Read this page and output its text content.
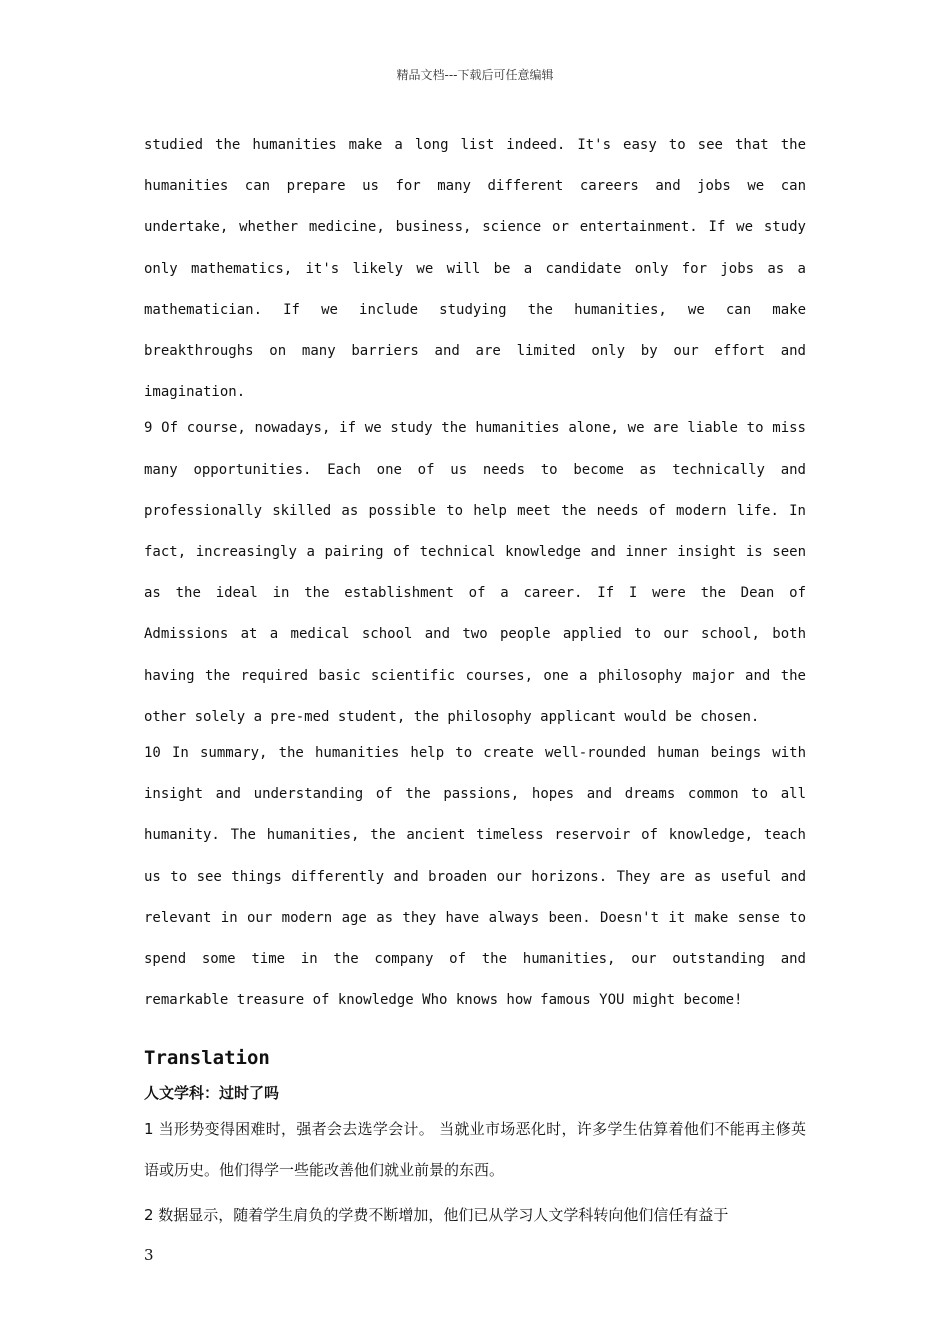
精品文档---下载后可任意编辑

studied the humanities make a long list indeed. It's easy to see that the humanities can prepare us for many different careers and jobs we can undertake, whether medicine, business, science or entertainment. If we study only mathematics, it's likely we will be a candidate only for jobs as a mathematician. If we include studying the humanities, we can make breakthroughs on many barriers and are limited only by our effort and imagination.

9 Of course, nowadays, if we study the humanities alone, we are liable to miss many opportunities. Each one of us needs to become as technically and professionally skilled as possible to help meet the needs of modern life. In fact, increasingly a pairing of technical knowledge and inner insight is seen as the ideal in the establishment of a career. If I were the Dean of Admissions at a medical school and two people applied to our school, both having the required basic scientific courses, one a philosophy major and the other solely a pre-med student, the philosophy applicant would be chosen.

10 In summary, the humanities help to create well-rounded human beings with insight and understanding of the passions, hopes and dreams common to all humanity. The humanities, the ancient timeless reservoir of knowledge, teach us to see things differently and broaden our horizons. They are as useful and relevant in our modern age as they have always been. Doesn't it make sense to spend some time in the company of the humanities, our outstanding and remarkable treasure of knowledge Who knows how famous YOU might become!

Translation
人文学科：过时了吗

1 当形势变得困难时，强者会去选学会计。 当就业市场恶化时，许多学生估算着他们不能再主修英语或历史。他们得学一些能改善他们就业前景的东西。

2 数据显示，随着学生肩负的学费不断增加，他们已从学习人文学科转向他们信任有益于

3
